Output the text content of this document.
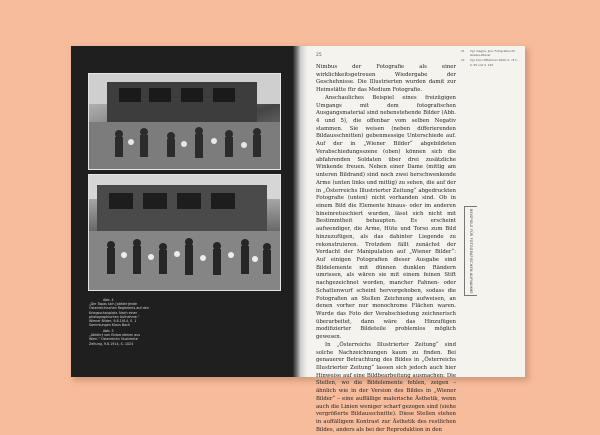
Abb. 4
„Der Tapas sich [abfahr]ende Österreichischen Regiments auf den Kriegsschauplatz. Nach einer photographischen Aufnahme.“ Wiener Bilder, 9.8.1914, S. 1 Sammlungen Klaus Bach
Abb. 5
„Abfahrt von Einberufenen aus Wien.“ Österreichs Illustrierte Zeitung, 9.8.1914, S. 1024
25

Nimbus der Fotografie als einer wirklichkeitsgetreuen Wiedergabe der Geschehnisse. Die Illustrierten wurden damit zur Heimstätte für das Medium Fotografie.

Anschauliches Beispiel eines freizügigen Umgangs mit dem fotografischen Ausgangsmaterial sind nebenstehende Bilder (Abb. 4 und 5), die offenbar vom selben Negativ stammen. Sie weisen (neben differierenden Bildausschnitten) gebenmessige Unterschiede auf. Auf der in „Wiener Bilder“ abgebildeten Verabschiedungsszene (oben) können sich die abfahrenden Soldaten über drei zusätzliche Winkende freuen. Neben einer Dame (mittig am unteren Bildrand) sind noch zwei herschwenkende Arme (unten links und mittig) zu sehen, die auf der in „Österreichs Illustrierter Zeitung“ abgedruckten Fotografie (unten) nicht vorhanden sind. Ob in einem Bild die Elemente hinaus- oder im anderen hineinretuschiert wurden, lässt sich nicht mit Bestimmtheit behaupten. Es erscheint aufwendiger, die Arme, Hüte und Torso zum Bild hinzuzufügen, als das dahinter Liegende zu rekonstruieren. Trotzdem fällt zunächst der Verdacht der Manipulation auf „Wiener Bilder“: Auf einigen Fotografien dieser Ausgabe sind Bildelemente mit dünnen dunklen Rändern umrissen, als wären sie mit einem feinen Stift nachgezeichnet worden, mancher Fahnen- oder Schattenwurf scheint hervorgehoben, sodass die Fotografien an Stellen Zeichnung aufweisen, an denen vorher nur monochrome Flächen waren. Wurde das Foto der Verabschiedung zeichnerisch überarbeitet, dann wäre das Hinzufügen modifizierter Bildeteile problemlos möglich gewesen.

In „Österreichs Illustrierter Zeitung“ sind solche Nachzeichnungen kaum zu finden. Bei genauerer Betrachtung des Bildes in „Österreichs Illustrierter Zeitung“ lassen sich jedoch auch hier Hinweise auf eine Bildbearbeitung ausmachen: Die Stellen, wo die Bildelemente fehlen, zeigen – ähnlich wie in der Version des Bildes in „Wiener Bilder“ – eine auffällige malerische Ästhetik, wenn auch die Linien weniger scharf gezogen sind (siehe vergrößerte Bildausschnitte). Diese Stellen stehen in auffälligem Kontrast zur Ästhetik des restlichen Bildes, anders als bei der Reproduktion in den

21	Vgl. Siegler, Jule: Fotografien für Glaube-Wiener
22	Vgl. Dorn-Pitterman 2004, S. 71 f., S. 95 und S. 145.
BEISPIELE FÜR FOTOGRAFISCHEN AUFNAHME
